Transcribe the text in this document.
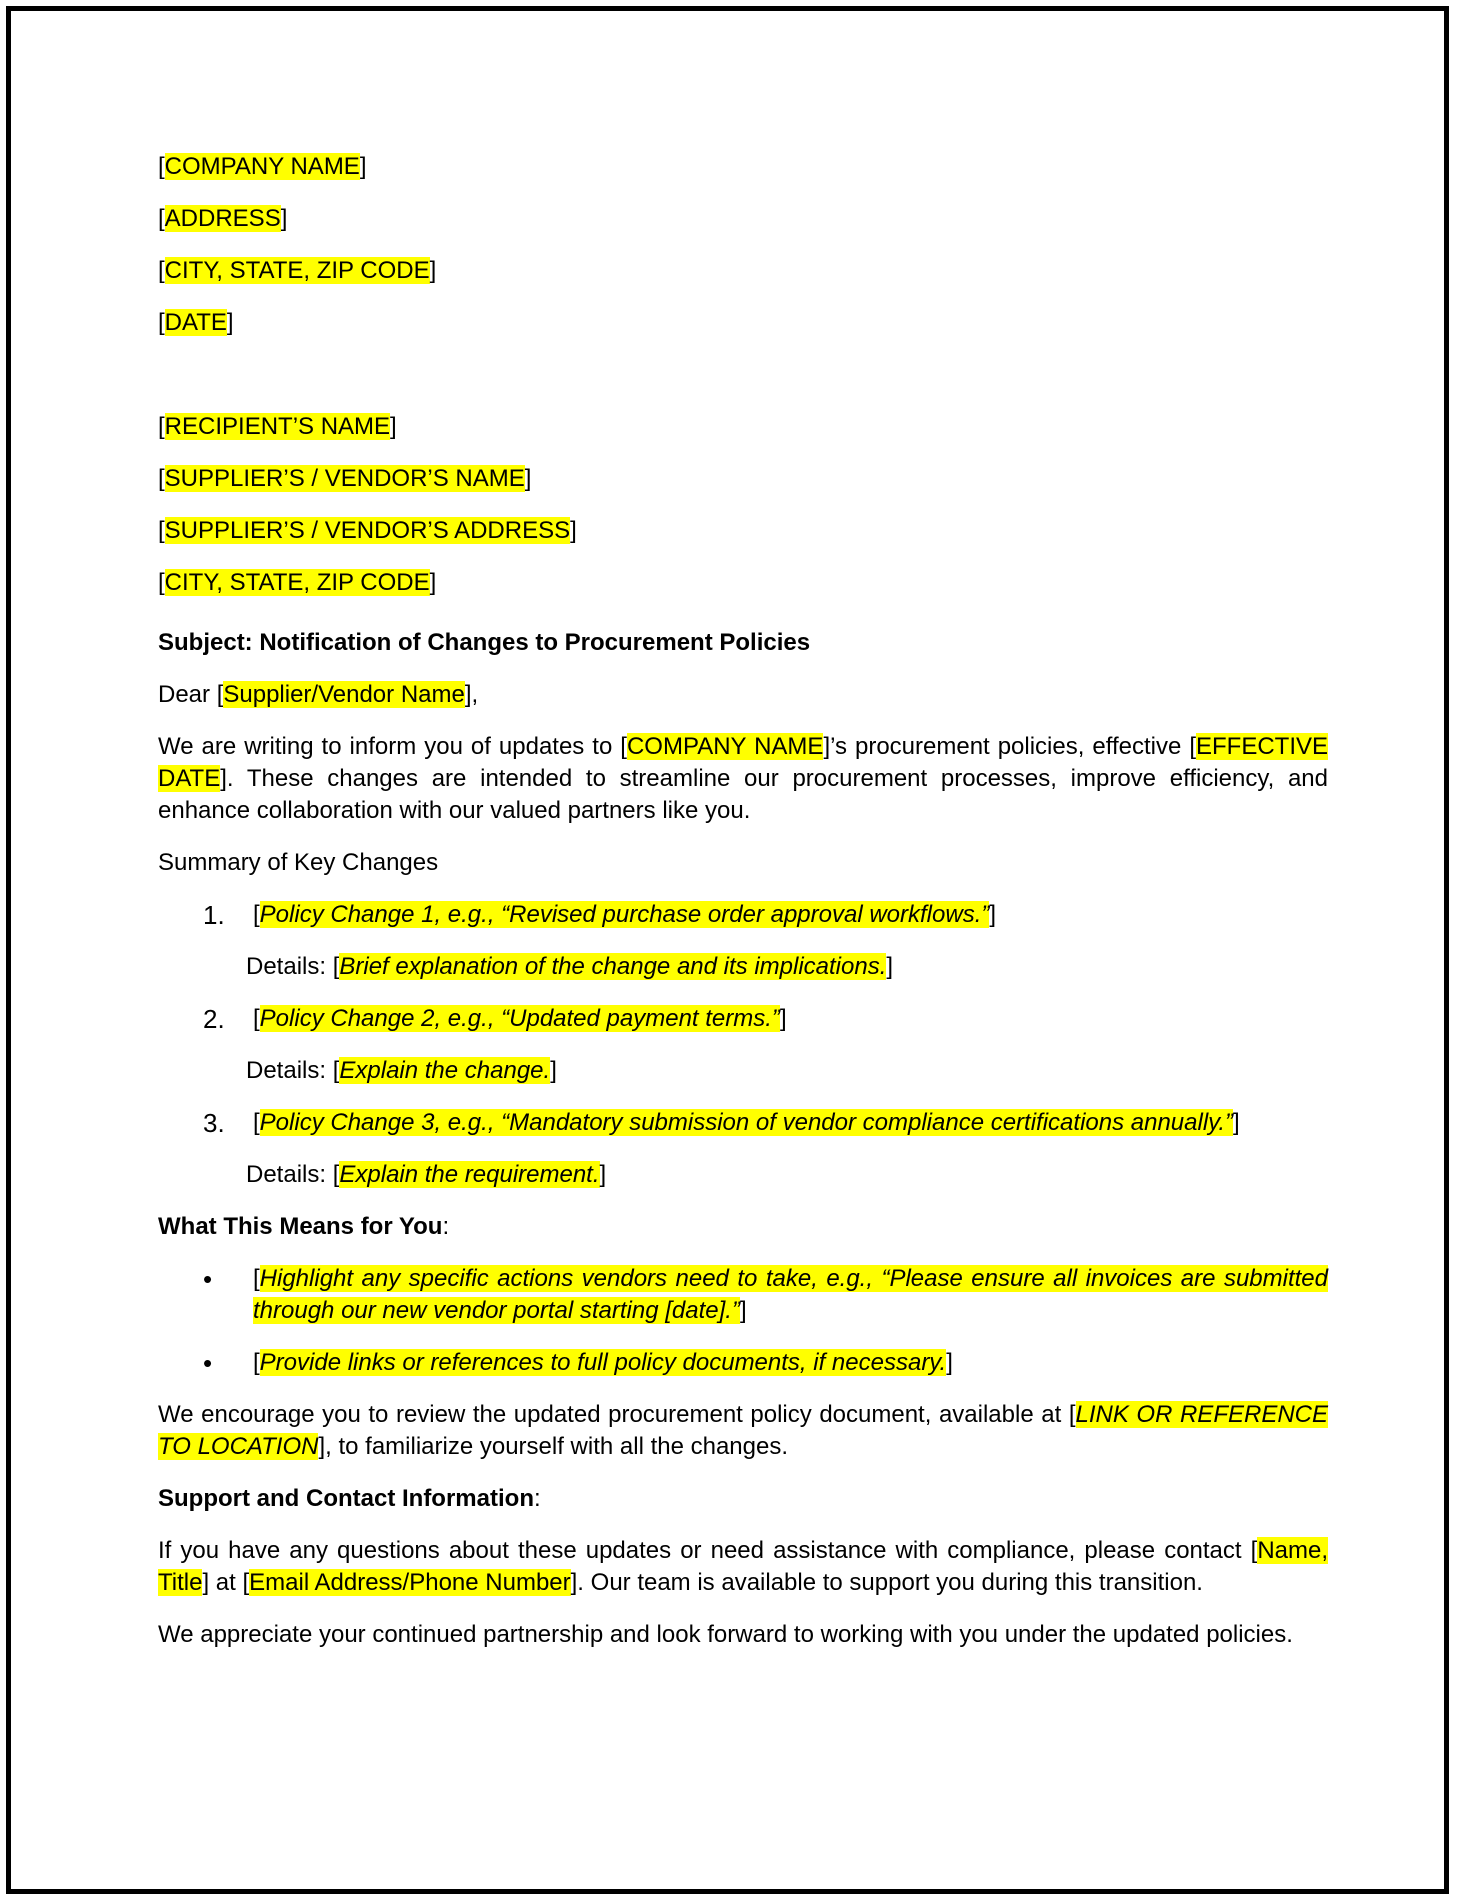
[COMPANY NAME]
[ADDRESS]
[CITY, STATE, ZIP CODE]
[DATE]
[RECIPIENT’S NAME]
[SUPPLIER’S / VENDOR’S NAME]
[SUPPLIER’S / VENDOR’S ADDRESS]
[CITY, STATE, ZIP CODE]

Subject: Notification of Changes to Procurement Policies

Dear [Supplier/Vendor Name],

We are writing to inform you of updates to [COMPANY NAME]’s procurement policies, effective [EFFECTIVE DATE]. These changes are intended to streamline our procurement processes, improve efficiency, and enhance collaboration with our valued partners like you.

Summary of Key Changes

1. [Policy Change 1, e.g., “Revised purchase order approval workflows.”]
Details: [Brief explanation of the change and its implications.]
2. [Policy Change 2, e.g., “Updated payment terms.”]
Details: [Explain the change.]
3. [Policy Change 3, e.g., “Mandatory submission of vendor compliance certifications annually.”]
Details: [Explain the requirement.]

What This Means for You:

• [Highlight any specific actions vendors need to take, e.g., “Please ensure all invoices are submitted through our new vendor portal starting [date].”]
• [Provide links or references to full policy documents, if necessary.]

We encourage you to review the updated procurement policy document, available at [LINK OR REFERENCE TO LOCATION], to familiarize yourself with all the changes.

Support and Contact Information:

If you have any questions about these updates or need assistance with compliance, please contact [Name, Title] at [Email Address/Phone Number]. Our team is available to support you during this transition.

We appreciate your continued partnership and look forward to working with you under the updated policies.
